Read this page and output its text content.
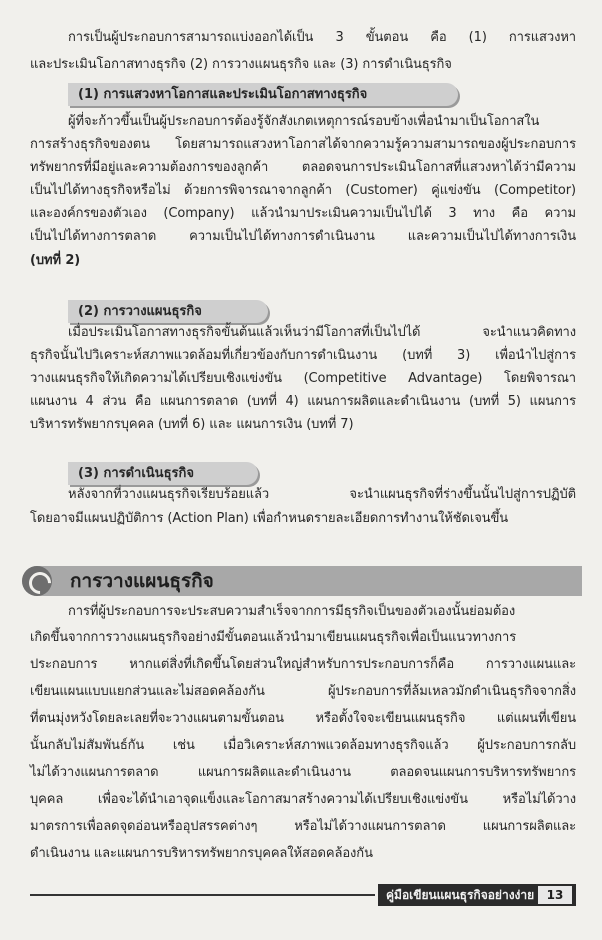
การเป็นผู้ประกอบการสามารถแบ่งออกได้เป็น 3 ขั้นตอน คือ (1) การแสวงหา
และประเมินโอกาสทางธุรกิจ (2) การวางแผนธุรกิจ และ (3) การดำเนินธุรกิจ
(1) การแสวงหาโอกาสและประเมินโอกาสทางธุรกิจ
ผู้ที่จะก้าวขึ้นเป็นผู้ประกอบการต้องรู้จักสังเกตเหตุการณ์รอบข้างเพื่อนำมาเป็นโอกาสใน
การสร้างธุรกิจของตน โดยสามารถแสวงหาโอกาสได้จากความรู้ความสามารถของผู้ประกอบการ
ทรัพยากรที่มีอยู่และความต้องการของลูกค้า ตลอดจนการประเมินโอกาสที่แสวงหาได้ว่ามีความ
เป็นไปได้ทางธุรกิจหรือไม่ ด้วยการพิจารณาจากลูกค้า (Customer) คู่แข่งขัน (Competitor)
และองค์กรของตัวเอง (Company) แล้วนำมาประเมินความเป็นไปได้ 3 ทาง คือ ความ
เป็นไปได้ทางการตลาด ความเป็นไปได้ทางการดำเนินงาน และความเป็นไปได้ทางการเงิน
(บทที่ 2)
(2) การวางแผนธุรกิจ
เมื่อประเมินโอกาสทางธุรกิจขั้นต้นแล้วเห็นว่ามีโอกาสที่เป็นไปได้ จะนำแนวคิดทาง
ธุรกิจนั้นไปวิเคราะห์สภาพแวดล้อมที่เกี่ยวข้องกับการดำเนินงาน (บทที่ 3) เพื่อนำไปสู่การ
วางแผนธุรกิจให้เกิดความได้เปรียบเชิงแข่งขัน (Competitive Advantage) โดยพิจารณา
แผนงาน 4 ส่วน คือ แผนการตลาด (บทที่ 4) แผนการผลิตและดำเนินงาน (บทที่ 5) แผนการ
บริหารทรัพยากรบุคคล (บทที่ 6) และ แผนการเงิน (บทที่ 7)
(3) การดำเนินธุรกิจ
หลังจากที่วางแผนธุรกิจเรียบร้อยแล้ว จะนำแผนธุรกิจที่ร่างขึ้นนั้นไปสู่การปฏิบัติ
โดยอาจมีแผนปฏิบัติการ (Action Plan) เพื่อกำหนดรายละเอียดการทำงานให้ชัดเจนขึ้น
การวางแผนธุรกิจ
การที่ผู้ประกอบการจะประสบความสำเร็จจากการมีธุรกิจเป็นของตัวเองนั้นย่อมต้อง
เกิดขึ้นจากการวางแผนธุรกิจอย่างมีขั้นตอนแล้วนำมาเขียนแผนธุรกิจเพื่อเป็นแนวทางการ
ประกอบการ หากแต่สิ่งที่เกิดขึ้นโดยส่วนใหญ่สำหรับการประกอบการก็คือ การวางแผนและ
เขียนแผนแบบแยกส่วนและไม่สอดคล้องกัน ผู้ประกอบการที่ล้มเหลวมักดำเนินธุรกิจจากสิ่ง
ที่ตนมุ่งหวังโดยละเลยที่จะวางแผนตามขั้นตอน หรือตั้งใจจะเขียนแผนธุรกิจ แต่แผนที่เขียน
นั้นกลับไม่สัมพันธ์กัน เช่น เมื่อวิเคราะห์สภาพแวดล้อมทางธุรกิจแล้ว ผู้ประกอบการกลับ
ไม่ได้วางแผนการตลาด แผนการผลิตและดำเนินงาน ตลอดจนแผนการบริหารทรัพยากร
บุคคล เพื่อจะได้นำเอาจุดแข็งและโอกาสมาสร้างความได้เปรียบเชิงแข่งขัน หรือไม่ได้วาง
มาตรการเพื่อลดจุดอ่อนหรืออุปสรรคต่างๆ หรือไม่ได้วางแผนการตลาด แผนการผลิตและ
ดำเนินงาน และแผนการบริหารทรัพยากรบุคคลให้สอดคล้องกัน
คู่มือเขียนแผนธุรกิจอย่างง่าย	13
